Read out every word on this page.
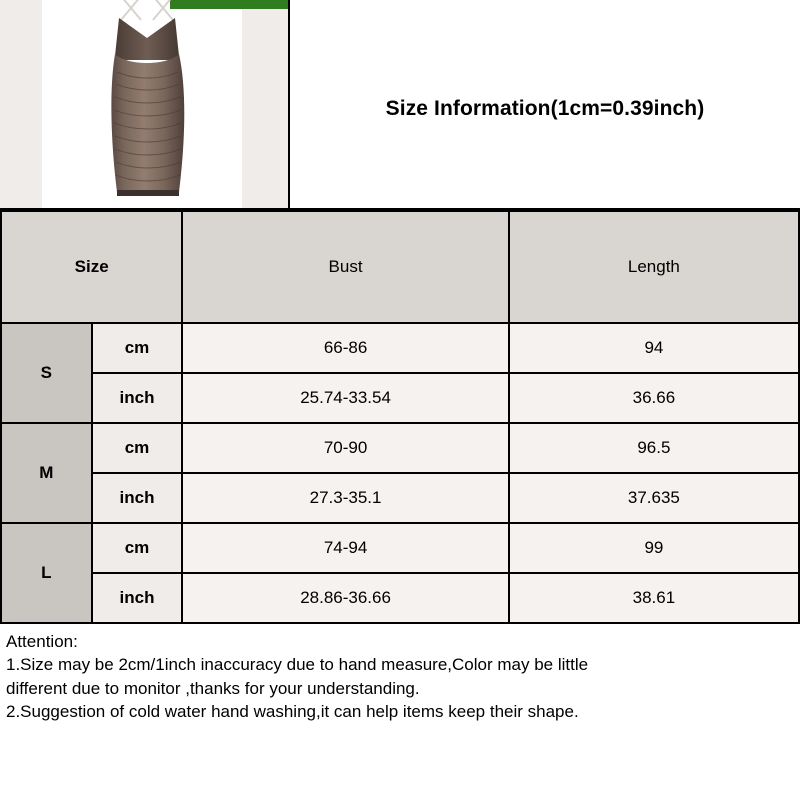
Size Information(1cm=0.39inch)
Size		Bust	Length
S	cm	66-86	94
	inch	25.74-33.54	36.66
M	cm	70-90	96.5
	inch	27.3-35.1	37.635
L	cm	74-94	99
	inch	28.86-36.66	38.61
Attention:
1.Size may be 2cm/1inch inaccuracy due to hand measure,Color may be little
different due to monitor ,thanks for your understanding.
2.Suggestion of cold water hand washing,it can help items keep their shape.
